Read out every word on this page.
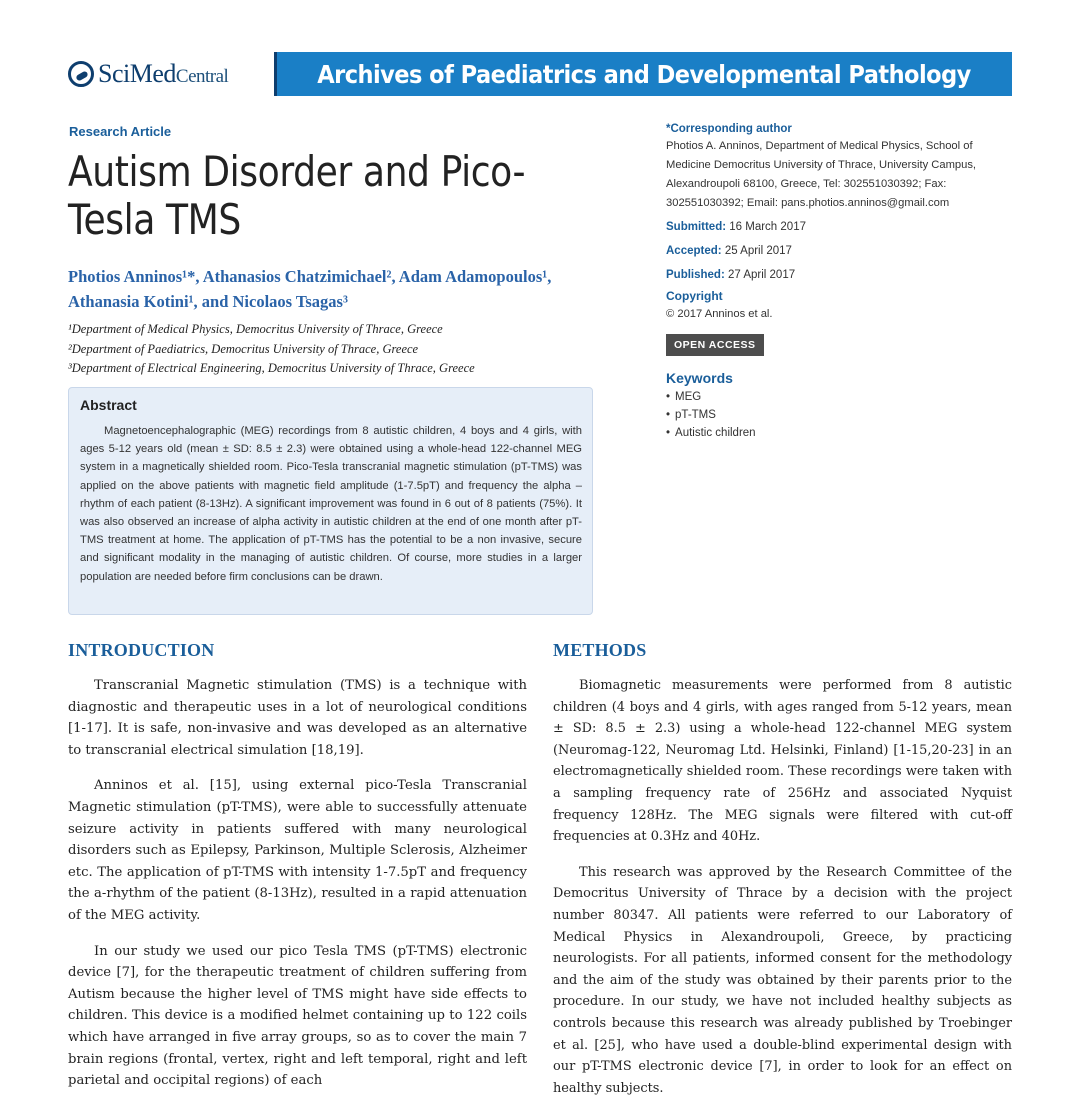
SciMedCentral	Archives of Paediatrics and Developmental Pathology
Research Article
Autism Disorder and Pico-Tesla TMS
Photios Anninos¹*, Athanasios Chatzimichael², Adam Adamopoulos¹, Athanasia Kotini¹, and Nicolaos Tsagas³
¹Department of Medical Physics, Democritus University of Thrace, Greece
²Department of Paediatrics, Democritus University of Thrace, Greece
³Department of Electrical Engineering, Democritus University of Thrace, Greece
Abstract
Magnetoencephalographic (MEG) recordings from 8 autistic children, 4 boys and 4 girls, with ages 5-12 years old (mean ± SD: 8.5 ± 2.3) were obtained using a whole-head 122-channel MEG system in a magnetically shielded room. Pico-Tesla transcranial magnetic stimulation (pT-TMS) was applied on the above patients with magnetic field amplitude (1-7.5pT) and frequency the alpha – rhythm of each patient (8-13Hz). A significant improvement was found in 6 out of 8 patients (75%). It was also observed an increase of alpha activity in autistic children at the end of one month after pT-TMS treatment at home. The application of pT-TMS has the potential to be a non invasive, secure and significant modality in the managing of autistic children. Of course, more studies in a larger population are needed before firm conclusions can be drawn.
*Corresponding author
Photios A. Anninos, Department of Medical Physics, School of Medicine Democritus University of Thrace, University Campus, Alexandroupoli 68100, Greece, Tel: 302551030392; Fax: 302551030392; Email: pans.photios.anninos@gmail.com
Submitted: 16 March 2017
Accepted: 25 April 2017
Published: 27 April 2017
Copyright
© 2017 Anninos et al.
OPEN ACCESS
Keywords
• MEG
• pT-TMS
• Autistic children
INTRODUCTION

Transcranial Magnetic stimulation (TMS) is a technique with diagnostic and therapeutic uses in a lot of neurological conditions [1-17]. It is safe, non-invasive and was developed as an alternative to transcranial electrical simulation [18,19].

Anninos et al. [15], using external pico-Tesla Transcranial Magnetic stimulation (pT-TMS), were able to successfully attenuate seizure activity in patients suffered with many neurological disorders such as Epilepsy, Parkinson, Multiple Sclerosis, Alzheimer etc. The application of pT-TMS with intensity 1-7.5pT and frequency the a-rhythm of the patient (8-13Hz), resulted in a rapid attenuation of the MEG activity.

In our study we used our pico Tesla TMS (pT-TMS) electronic device [7], for the therapeutic treatment of children suffering from Autism because the higher level of TMS might have side effects to children. This device is a modified helmet containing up to 122 coils which have arranged in five array groups, so as to cover the main 7 brain regions (frontal, vertex, right and left temporal, right and left parietal and occipital regions) of each

METHODS

Biomagnetic measurements were performed from 8 autistic children (4 boys and 4 girls, with ages ranged from 5-12 years, mean ± SD: 8.5 ± 2.3) using a whole-head 122-channel MEG system (Neuromag-122, Neuromag Ltd. Helsinki, Finland) [1-15,20-23] in an electromagnetically shielded room. These recordings were taken with a sampling frequency rate of 256Hz and associated Nyquist frequency 128Hz. The MEG signals were filtered with cut-off frequencies at 0.3Hz and 40Hz.

This research was approved by the Research Committee of the Democritus University of Thrace by a decision with the project number 80347. All patients were referred to our Laboratory of Medical Physics in Alexandroupoli, Greece, by practicing neurologists. For all patients, informed consent for the methodology and the aim of the study was obtained by their parents prior to the procedure. In our study, we have not included healthy subjects as controls because this research was already published by Troebinger et al. [25], who have used a double-blind experimental design with our pT-TMS electronic device [7], in order to look for an effect on healthy subjects.
